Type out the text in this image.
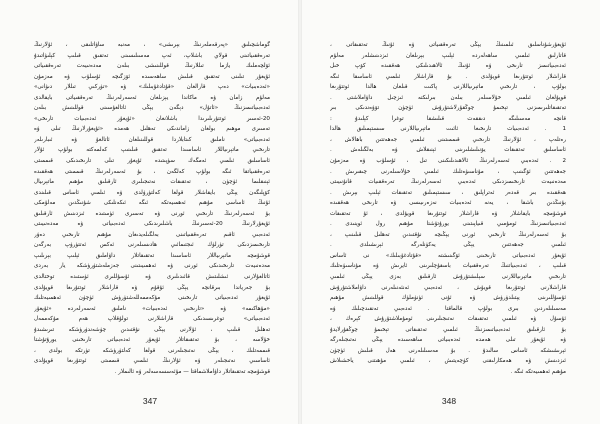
گوماشچىلىق «پەرقەملەرنىڭ بېرىشى» ، مەنبە ساۋاتلىقى ، ئۇلارنىڭ
تەرەققىياتىنى قولاي باشلاپ، ئەپ مەسىلىسىنى تەتقىق قىلىپ كېلىۋاتىدۇ
ئۆلچەملىك يازما تىللارنىڭ قوللىنىشى بىلەن مەدەنىيەت تەرەققىياتى
ئۇيغۇر تىلىنى تەتقىق قىلىش ساھەسىدە ئۆزگىچە ئۇسلۇب ۋە مەزمۇن
«ئەدەبىيات» دەپ قارالغان «قۇتادغۇبىلىك» ۋە «تۈركىي تىللار دىۋانى»
مەلۇم زامان ۋە ماكاندا يېزىلغان ئەسەرلەرنىڭ تەرەققىياتى بايقالدى
ئەدەبىياتىمىزنىڭ «ئاتۇل» دېگەن يېڭى ئاتالغۇسىنى قوللىنىش بىلەن
20-ئەسىر ئوتتۇرىلىرىدا باشلانغان «ئۇيغۇر ئەدەبىيات تارىخى»
تەسىرى موھىم بولغان زاماندىكى تەھلىل ھەمدە «ئۇيغۇرلارنىڭ تىلى ۋە
ئەدەبىياتى» ناملىق كىتابلاردا قوللىنىلغان ئاتالغۇ ۋە ئىبارىلەر
تارىخىي ماتېرىياللار ئاساسىدا تەتقىق قىلىنىپ كەلمەكتە بولۇپ ئۇلار
ئاساسلىق ئىلمىي ئەمگەك سۈپىتىدە ئۇيغۇر تىلى تارىخىدىكى قىممىتى
تەرەققىياتقا ئىگە بولۇپ كەلگەن ، بۇ ئەسەرلەرنىڭ قىممىتى ھەققىدە
ئېنىقلىما ئۈچۈن ، تەتقىقات نەتىجىلىرى ئارقىلىق مۇھىم ماتېرىيال
كۆپلىگەن يېڭى بايقاشلار قولغا كەلتۈرۈلدى ۋە ئىلمىي ئاساس قىلىندى
ئۇنىڭ ئاساسى مۇھىم ئەھمىيەتكە ئىگە ئىكەنلىكى شۇنىڭدىن مەلۇمكى
بۇ ئەسەرلەرنىڭ تارىخىي ئورنى ۋە تەسىرى ئۈستىدە ئىزدىنىش ئارقىلىق
ئۇيغۇرلارنىڭ 20-ئەسىرنىڭ باشلىرىدىكى ئەدەبىياتى ۋە مەدەنىيىتى
ئەدەبىي ئاقىم تەرەققىياتىنى بەلگىلەيدىغان مۇھىم تارىخىي دەۋر
تارىخىمىزدىكى تۈرلۈك ئىجتىمائىي ھادىسىلەرنى ئەكس ئەتتۈرۈپ بەرگەن
قوشۇمچە ماتېرىياللار ئاساسىدا تەتقىقاتلار داۋاملىق ئېلىپ بېرىلىپ
مەدەنىيەت تارىخىدىكى ئورنى ۋە ئەھمىيىتىنى جەزملەشتۈرۈشكە يار بەردى
ئاتالغۇلارنى ئىشلىتىش قائىدىلىرى ۋە ئۇسۇللىرى ئۈستىدە توختالدى
بۇ جەرياندا بىرقانچە يېڭى ئۇقۇم ۋە قاراشلار ئوتتۇرىغا قويۇلدى
ئۇيغۇر ئەدەبىياتى تارىخىنى مۇكەممەللەشتۈرۈش ئۈچۈن ئەھمىيەتلىك
«مۇھاكىمە» ۋە «تارىخىي ئەدەبىيات» ناملىق ئەسەرلەردە «ئۇيغۇر
ئەدەبىياتى» توغرىسىدىكى قاراشلارنى تولۇقلاپ ھەم مۇكەممەل
تەھلىل قىلىپ ، ئۇلارنى يېڭى نۇقتىدىن چۈشەندۈرۈشكە تىرىشىدۇ
خۇلاسە ، بۇ تەتقىقاتلار ئۇيغۇر ئەدەبىياتى تارىخىنى يورۇتۇشتا
قىممەتلىك ، يېڭى نەتىجىلەرنى قولغا كەلتۈرۈشكە تۈرتكە بولدى ،
ئاساسىي نەتىجىلەر ۋە ئۇلارنىڭ ئىلمىي قىممىتى ئوتتۇرىغا قويۇلدى
قوشۇمچە تەتقىقاتلار داۋاملاشماقتا — مۇئەسسەسەلەر ۋە ئالىملار .
ئۇيغۇرشۇناسلىق ئىلمىنىڭ يېڭى تەرەققىياتى ۋە ئۇنىڭ تەتقىقاتى ،
قاتارلىق ئىلمىي ساھەلەردە ئېلىپ بېرىلغان ئىزدىنىشلەر مەلۇم
ئەدەبىياتىمىز تارىخى ۋە ئۇنىڭ ئالاھىدىلىكى ھەققىدە كۆپ خىل
قاراشلار ئوتتۇرىغا قويۇلدى . بۇ قاراشلار ئىلمىي ئاساسقا ئىگە
بولۇپ ، تارىخىي ماتېرىياللارنى پاكىت قىلغان ھالدا ئوتتۇرىغا
قويۇلغان ئىلمىي خۇلاسىلەر بىلەن بىرلىكتە ئىزچىل داۋاملاشتى .
تەتقىقاتلىرىمىزنى تېخىمۇ چوڭقۇرلاشتۇرۇش ئۈچۈن تۆۋەندىكى بىر
قانچە مەسىلىگە دىققەت قىلىشقا توغرا كېلىدۇ :
1 . ئەدەبىيات تارىخىغا ئائىت ماتېرىياللارنى سىستېمىلىق ھالدا
رەتلەپ ، ئۇلارنىڭ تارىخىي قىممىتىنى ئىلمىي جەھەتتىن باھالاش ،
ئاساسلىق تەتقىقات يۆنىلىشلىرىنى ئېنىقلاش ۋە بەلگىلەش .
2 . ئەدەبىي ئەسەرلەرنىڭ ئالاھىدىلىكىنى تىل ، ئۇسلۇب ۋە مەزمۇن
جەھەتتىن ئۆگىنىپ ، مۇناسىۋەتلىك ئىلمىي خۇلاسىلەرنى چىقىرىش .
مەدەنىيەت تارىخىمىزدىكى ئەدەبىي ئەسەرلەرنىڭ تەرەققىيات قانۇنىيىتى
ھەققىدە بىر قەدەر ئەتراپلىق ، سىستېمىلىق تەتقىقات ئېلىپ بېرىش .
بۇنىڭدىن باشقا ، يەنە ئەدەبىيات نەزەرىيىسى ۋە تارىخى ھەققىدە
قوشۇمچە بايقاشلار ۋە قاراشلار ئوتتۇرىغا قويۇلدى ، ئۇ تەتقىقات
ئەدەبىياتىمىزنىڭ ئومۇمىي قىياپىتىنى يورۇتۇشتا مۇھىم رول ئوينىدى .
بۇ ئەسەرلەرنىڭ تارىخىي ئورنى يېڭىچە نۇقتىدىن تەھلىل قىلىنىپ ،
ئىلمىي جەھەتتىن يېڭى يەكۈنلەرگە ئېرىشىلدى .
ئۇيغۇر ئەدەبىياتى تارىخىنى ئۆگىنىشتە «قۇتادغۇبىلىك» نى ئاساس
قىلىپ ، ئەدەبىياتنىڭ تەرەققىيات باسقۇچلىرىنى ئايرىش ۋە مۇناسىۋەتلىك
تارىخىي ماتېرىياللارنى سېلىشتۇرۇش ئارقىلىق بەزى يېڭى ئىلمىي
قاراشلارنى ئوتتۇرىغا قويۇش ، ئەدەبىي ئەنئەنىلەرنى داۋاملاشتۇرۇش
ئۇسۇللىرىنى يېتىلدۈرۈش ۋە ئۇنى ئۈنۈملۈك قوللىنىش مۇھىم
مەسىلىلەردىن بىرى بولۇپ قالماقتا . ئەدەبىي تەنقىدچىلىك ۋە
ئۇسۇل ۋە ئىلمىي تەتقىقات نەتىجىلىرىنى ئومۇملاشتۇرۇش كېرەك ،
بۇ ئارقىلىق ئەدەبىياتىمىزنىڭ ئىلمىي تەتقىقاتى تېخىمۇ چوڭقۇرلايدۇ
ۋە ئۇيغۇر تىلى ھەمدە ئەدەبىياتى ساھەسىدە يېڭى نەتىجىلەرگە
ئېرىشىشكە ئاساس سالىدۇ . بۇ مەسىلىلەرنى ھەل قىلىش ئۈچۈن
ئىزدىنىش ۋە ھەمكارلىقنى كۈچەيتىش ، ئىلمىي مۇھىتنى ياخشىلاش
مۇھىم ئەھمىيەتكە ئىگە .
347	348
